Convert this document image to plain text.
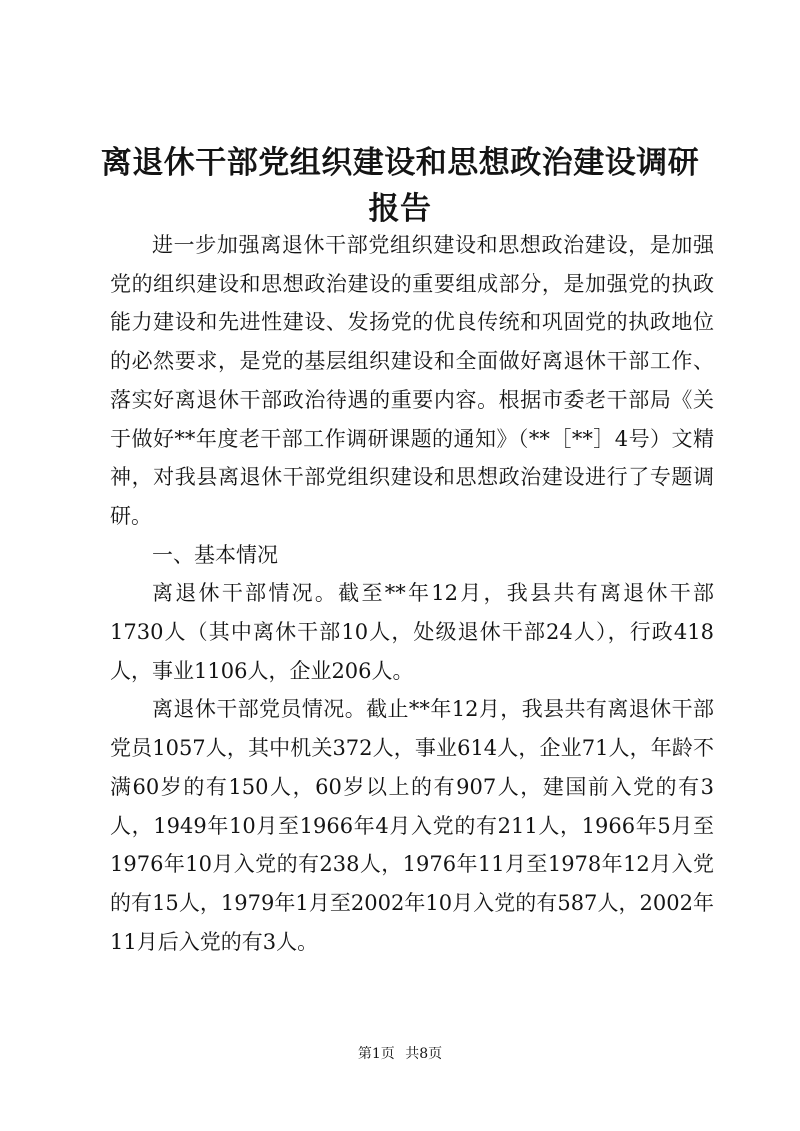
离退休干部党组织建设和思想政治建设调研报告

进一步加强离退休干部党组织建设和思想政治建设，是加强党的组织建设和思想政治建设的重要组成部分，是加强党的执政能力建设和先进性建设、发扬党的优良传统和巩固党的执政地位的必然要求，是党的基层组织建设和全面做好离退休干部工作、落实好离退休干部政治待遇的重要内容。根据市委老干部局《关于做好**年度老干部工作调研课题的通知》（**［**］4号）文精神，对我县离退休干部党组织建设和思想政治建设进行了专题调研。

一、基本情况

离退休干部情况。截至**年12月，我县共有离退休干部1730人（其中离休干部10人，处级退休干部24人），行政418人，事业1106人，企业206人。

离退休干部党员情况。截止**年12月，我县共有离退休干部党员1057人，其中机关372人，事业614人，企业71人，年龄不满60岁的有150人，60岁以上的有907人，建国前入党的有3人，1949年10月至1966年4月入党的有211人，1966年5月至1976年10月入党的有238人，1976年11月至1978年12月入党的有15人，1979年1月至2002年10月入党的有587人，2002年11月后入党的有3人。

第1页 共8页
